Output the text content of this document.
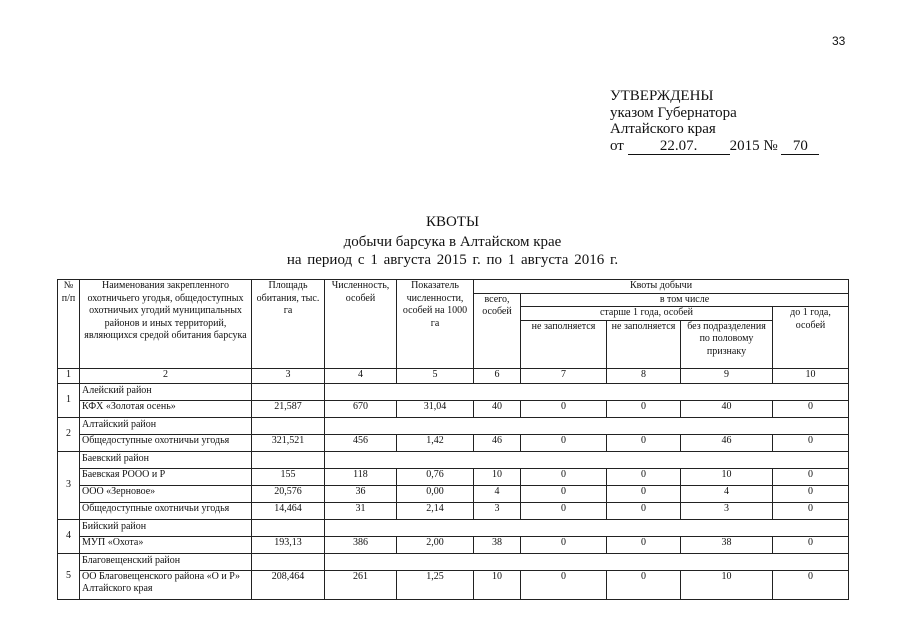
33
УТВЕРЖДЕНЫ
указом Губернатора
Алтайского края
от 22.07. 2015 № 70
КВОТЫ
добычи барсука в Алтайском крае
на период с 1 августа 2015 г. по 1 августа 2016 г.
№ п/п	Наименования закрепленного охотничьего угодья, общедоступных охотничьих угодий муниципальных районов и иных территорий, являющихся средой обитания барсука	Площадь обитания, тыс. га	Численность, особей	Показатель численности, особей на 1000 га	Квоты добычи				
					всего, особей	в том числе			
						старше 1 года, особей			до 1 года, особей
						не заполняется	не заполняется	без подразделения по половому признаку	
1	2	3	4	5	6	7	8	9	10
1	Алейский район								
	КФХ «Золотая осень»	21,587	670	31,04	40	0	0	40	0
2	Алтайский район								
	Общедоступные охотничьи угодья	321,521	456	1,42	46	0	0	46	0
3	Баевский район								
	Баевская РООО и Р	155	118	0,76	10	0	0	10	0
	ООО «Зерновое»	20,576	36	0,00	4	0	0	4	0
	Общедоступные охотничьи угодья	14,464	31	2,14	3	0	0	3	0
4	Бийский район								
	МУП «Охота»	193,13	386	2,00	38	0	0	38	0
5	Благовещенский район								
	ОО Благовещенского района «О и Р» Алтайского края	208,464	261	1,25	10	0	0	10	0
